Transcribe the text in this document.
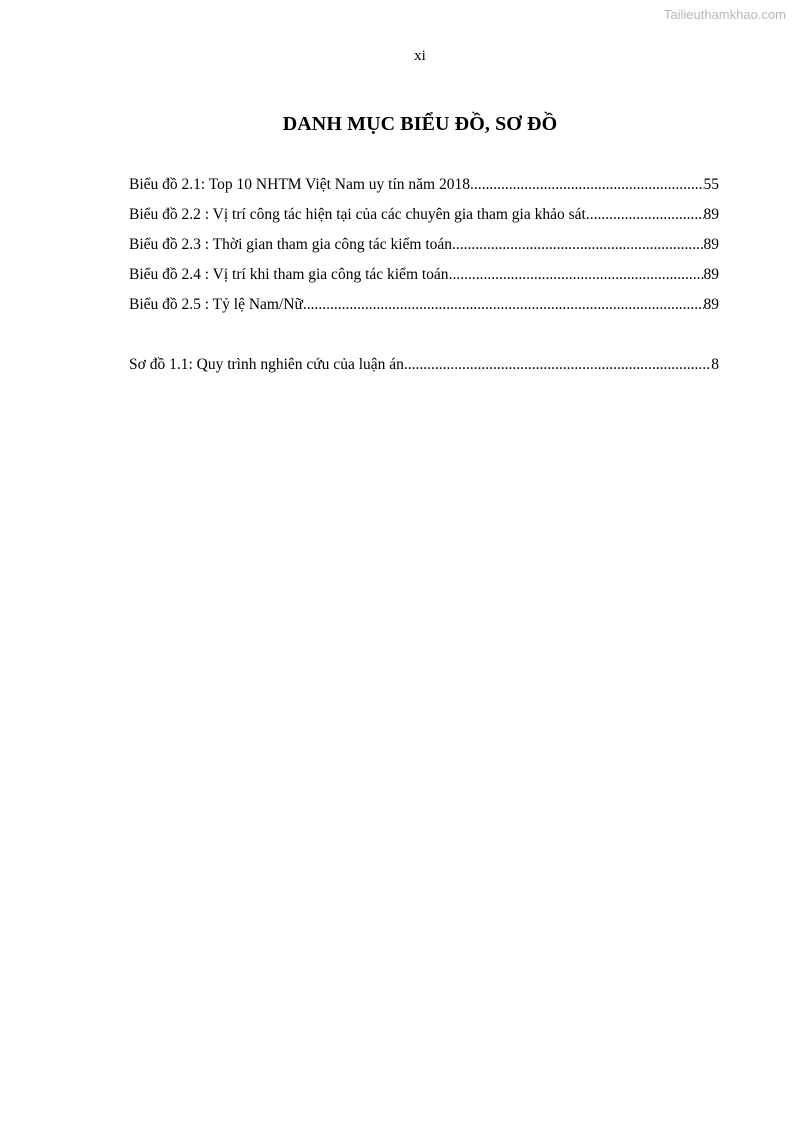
Tailieuthamkhao.com
xi
DANH MỤC BIỂU ĐỒ, SƠ ĐỒ
Biểu đồ 2.1: Top 10 NHTM Việt Nam uy tín năm 2018. .....	55
Biểu đồ 2.2 : Vị trí công tác hiện tại của các chuyên gia tham gia khảo sát .....	89
Biểu đồ 2.3 : Thời gian tham gia công tác kiểm toán .....	89
Biểu đồ 2.4 : Vị trí khi tham gia công tác kiểm toán .....	89
Biểu đồ 2.5 : Tỷ lệ Nam/Nữ .....	89
Sơ đồ 1.1: Quy trình nghiên cứu của luận án .....	8
